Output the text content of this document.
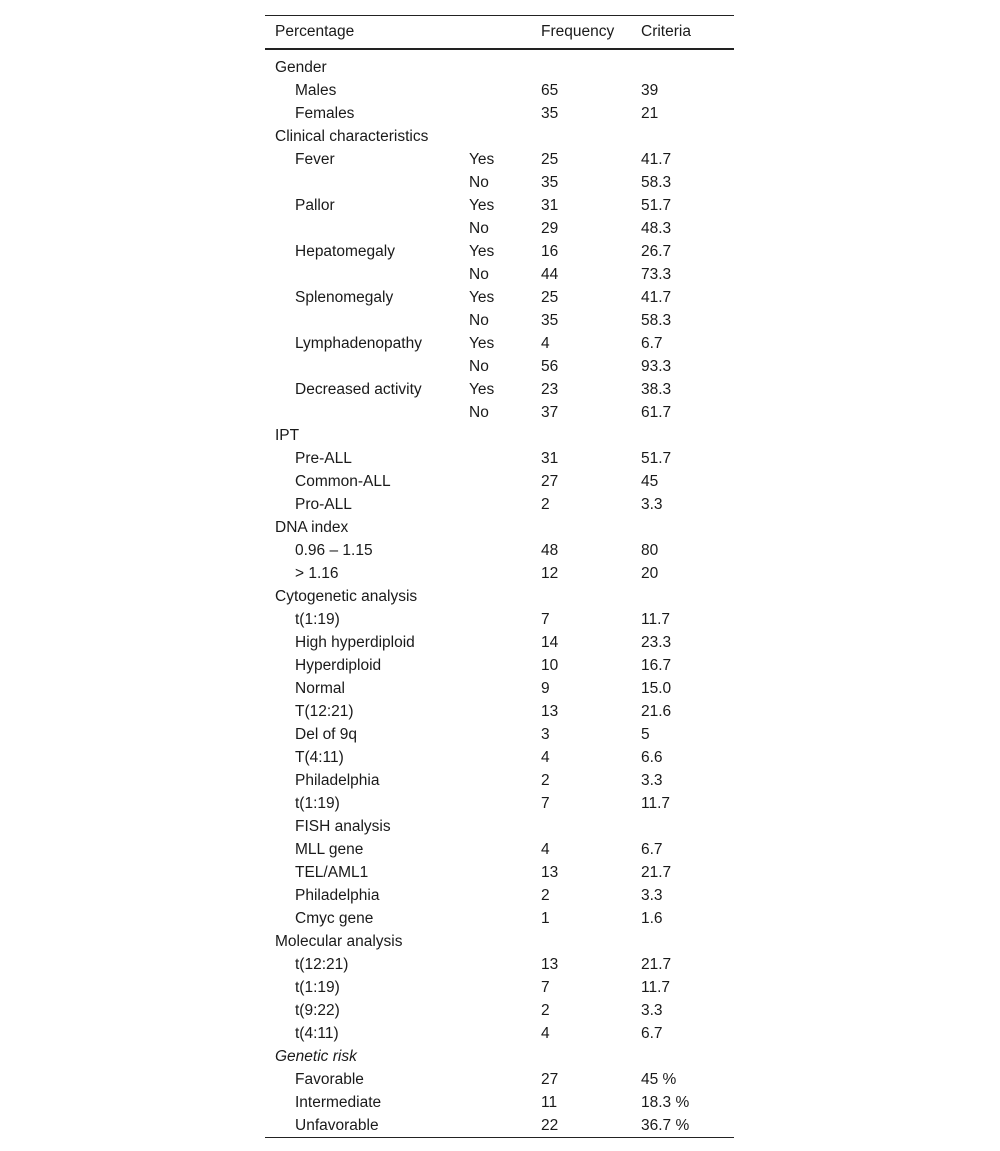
Percentage		Frequency	Criteria
Gender			
Males		65	39
Females		35	21
Clinical characteristics			
Fever	Yes	25	41.7
	No	35	58.3
Pallor	Yes	31	51.7
	No	29	48.3
Hepatomegaly	Yes	16	26.7
	No	44	73.3
Splenomegaly	Yes	25	41.7
	No	35	58.3
Lymphadenopathy	Yes	4	6.7
	No	56	93.3
Decreased activity	Yes	23	38.3
	No	37	61.7
IPT			
Pre-ALL		31	51.7
Common-ALL		27	45
Pro-ALL		2	3.3
DNA index			
0.96 – 1.15		48	80
> 1.16		12	20
Cytogenetic analysis			
t(1:19)		7	11.7
High hyperdiploid		14	23.3
Hyperdiploid		10	16.7
Normal		9	15.0
T(12:21)		13	21.6
Del of 9q		3	5
T(4:11)		4	6.6
Philadelphia		2	3.3
t(1:19)		7	11.7
FISH analysis			
MLL gene		4	6.7
TEL/AML1		13	21.7
Philadelphia		2	3.3
Cmyc gene		1	1.6
Molecular analysis			
t(12:21)		13	21.7
t(1:19)		7	11.7
t(9:22)		2	3.3
t(4:11)		4	6.7
Genetic risk			
Favorable		27	45 %
Intermediate		11	18.3 %
Unfavorable		22	36.7 %
